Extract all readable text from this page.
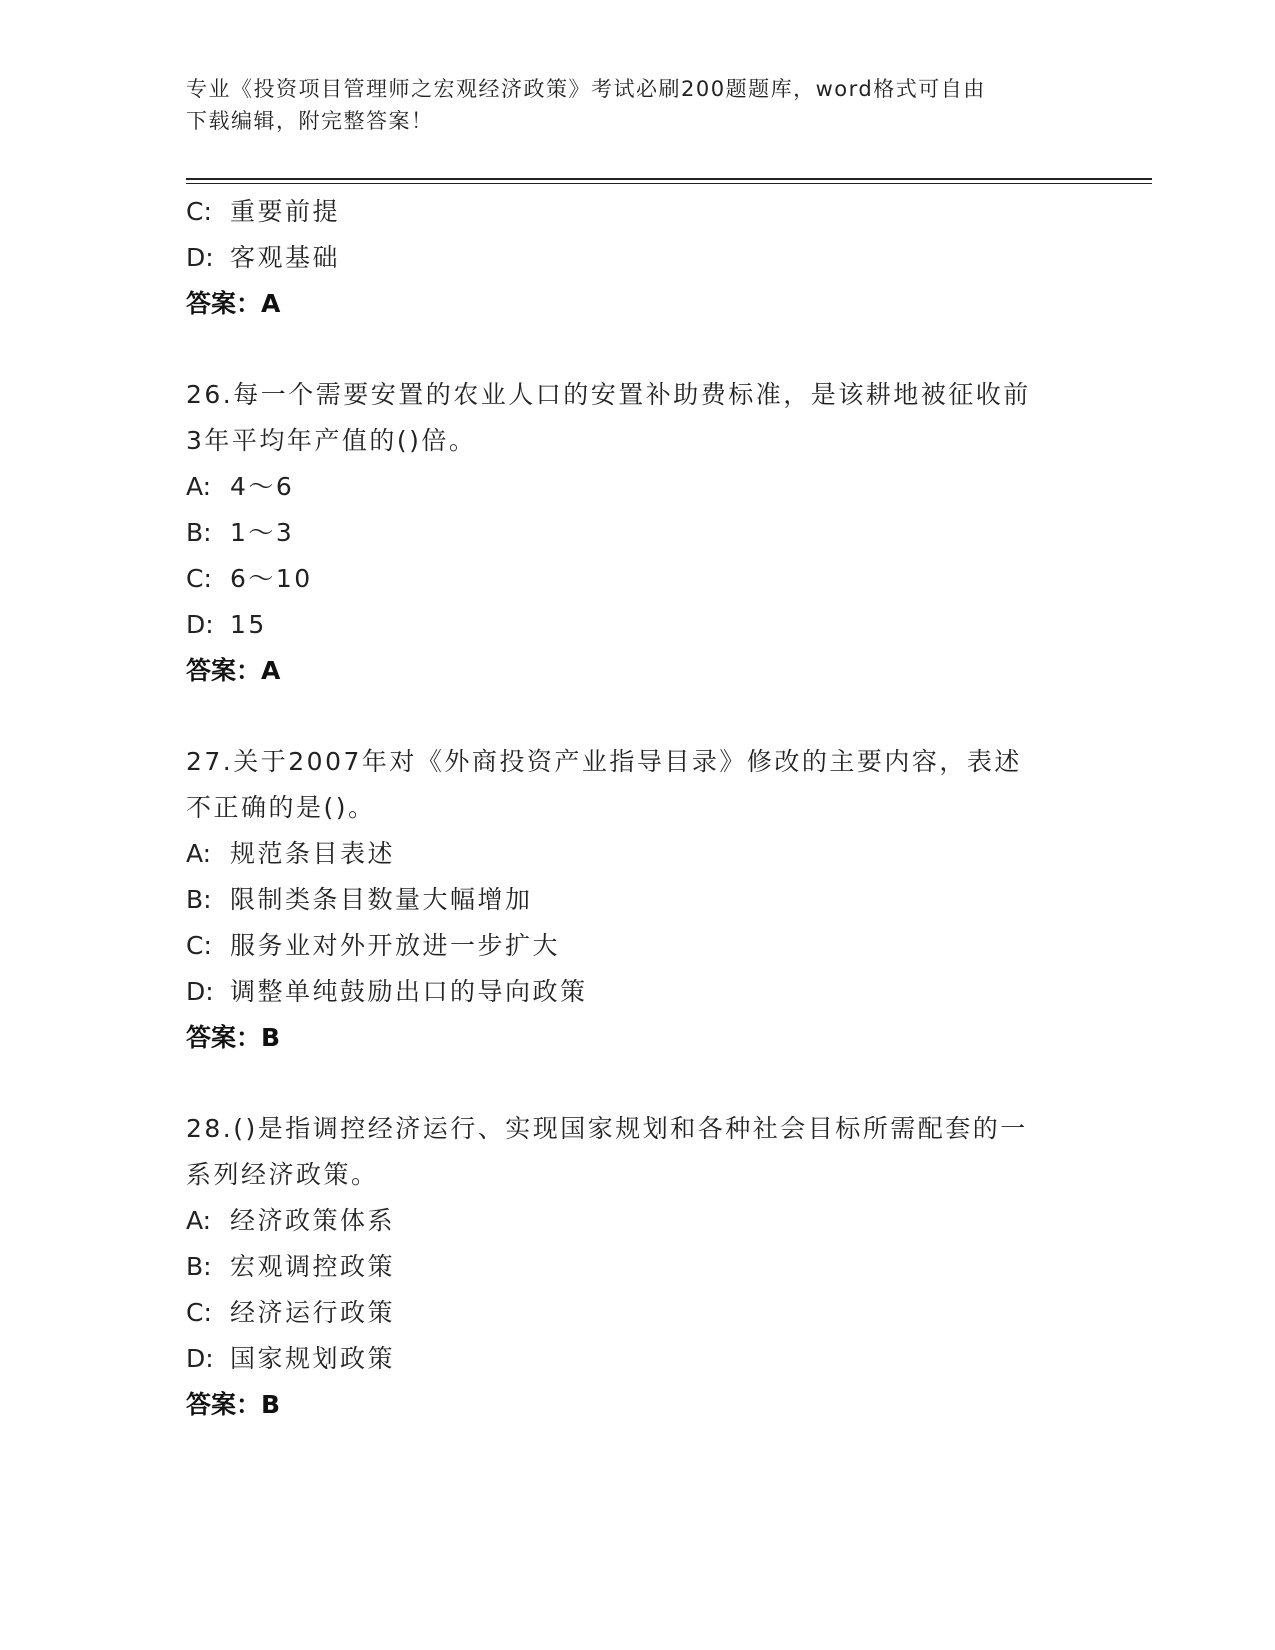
专业《投资项目管理师之宏观经济政策》考试必刷200题题库，word格式可自由
下载编辑，附完整答案！
C: 重要前提
D: 客观基础
答案：A
26.每一个需要安置的农业人口的安置补助费标准，是该耕地被征收前
3年平均年产值的()倍。
A: 4～6
B: 1～3
C: 6～10
D: 15
答案：A
27.关于2007年对《外商投资产业指导目录》修改的主要内容，表述
不正确的是()。
A: 规范条目表述
B: 限制类条目数量大幅增加
C: 服务业对外开放进一步扩大
D: 调整单纯鼓励出口的导向政策
答案：B
28.()是指调控经济运行、实现国家规划和各种社会目标所需配套的一
系列经济政策。
A: 经济政策体系
B: 宏观调控政策
C: 经济运行政策
D: 国家规划政策
答案：B
